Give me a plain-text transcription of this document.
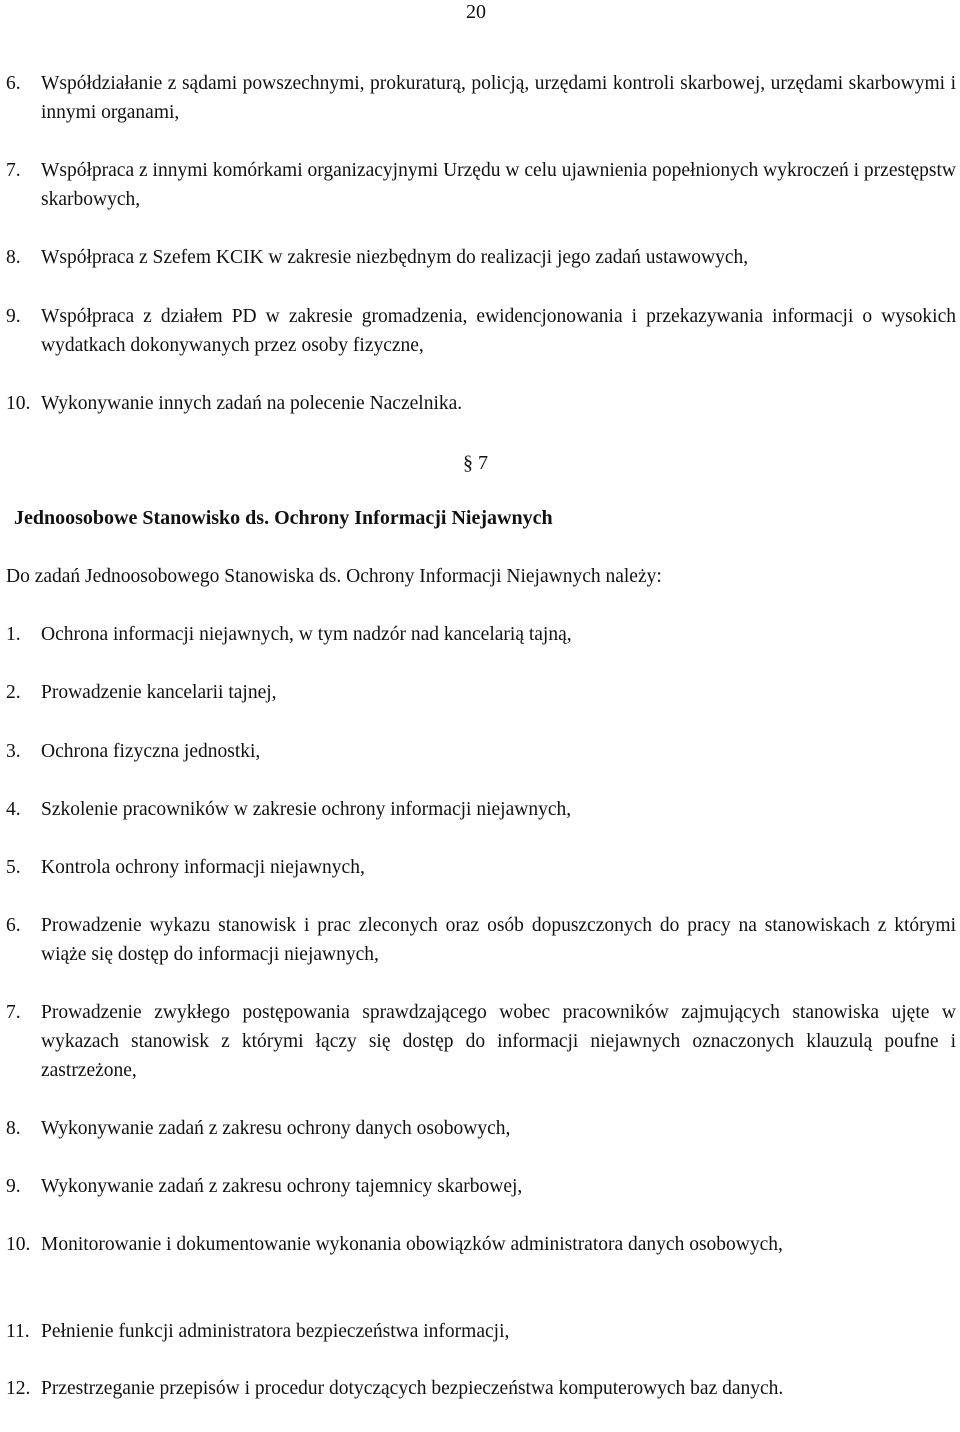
20
6. Współdziałanie z sądami powszechnymi, prokuraturą, policją, urzędami kontroli skarbowej, urzędami skarbowymi i innymi organami,
7. Współpraca z innymi komórkami organizacyjnymi Urzędu w celu ujawnienia popełnionych wykroczeń i przestępstw skarbowych,
8. Współpraca z Szefem KCIK w zakresie niezbędnym do realizacji jego zadań ustawowych,
9. Współpraca z działem PD w zakresie gromadzenia, ewidencjonowania i przekazywania informacji o wysokich wydatkach dokonywanych przez osoby fizyczne,
10. Wykonywanie innych zadań na polecenie Naczelnika.
§ 7
Jednoosobowe Stanowisko ds. Ochrony Informacji Niejawnych
Do zadań Jednoosobowego Stanowiska ds. Ochrony Informacji Niejawnych należy:
1. Ochrona informacji niejawnych, w tym nadzór nad kancelarią tajną,
2. Prowadzenie kancelarii tajnej,
3. Ochrona fizyczna jednostki,
4. Szkolenie pracowników w zakresie ochrony informacji niejawnych,
5. Kontrola ochrony informacji niejawnych,
6. Prowadzenie wykazu stanowisk i prac zleconych oraz osób dopuszczonych do pracy na stanowiskach z którymi wiąże się dostęp do informacji niejawnych,
7. Prowadzenie zwykłego postępowania sprawdzającego wobec pracowników zajmujących stanowiska ujęte w wykazach stanowisk z którymi łączy się dostęp do informacji niejawnych oznaczonych klauzulą poufne i zastrzeżone,
8. Wykonywanie zadań z zakresu ochrony danych osobowych,
9. Wykonywanie zadań z zakresu ochrony tajemnicy skarbowej,
10. Monitorowanie i dokumentowanie wykonania obowiązków administratora danych osobowych,
11. Pełnienie funkcji administratora bezpieczeństwa informacji,
12. Przestrzeganie przepisów i procedur dotyczących bezpieczeństwa komputerowych baz danych.
